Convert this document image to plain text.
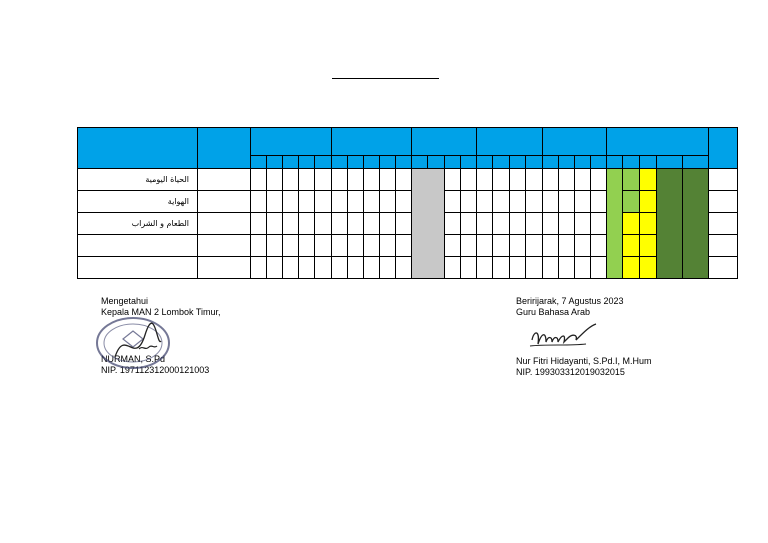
الحياة اليومية																													
الهواية																													
الطعام و الشراب																													

Mengetahui
Kepala MAN 2 Lombok Timur,
NURMAN, S.Pd
NIP. 197112312000121003
Beririjarak, 7 Agustus 2023
Guru Bahasa Arab
Nur Fitri Hidayanti, S.Pd.I, M.Hum
NIP. 199303312019032015
